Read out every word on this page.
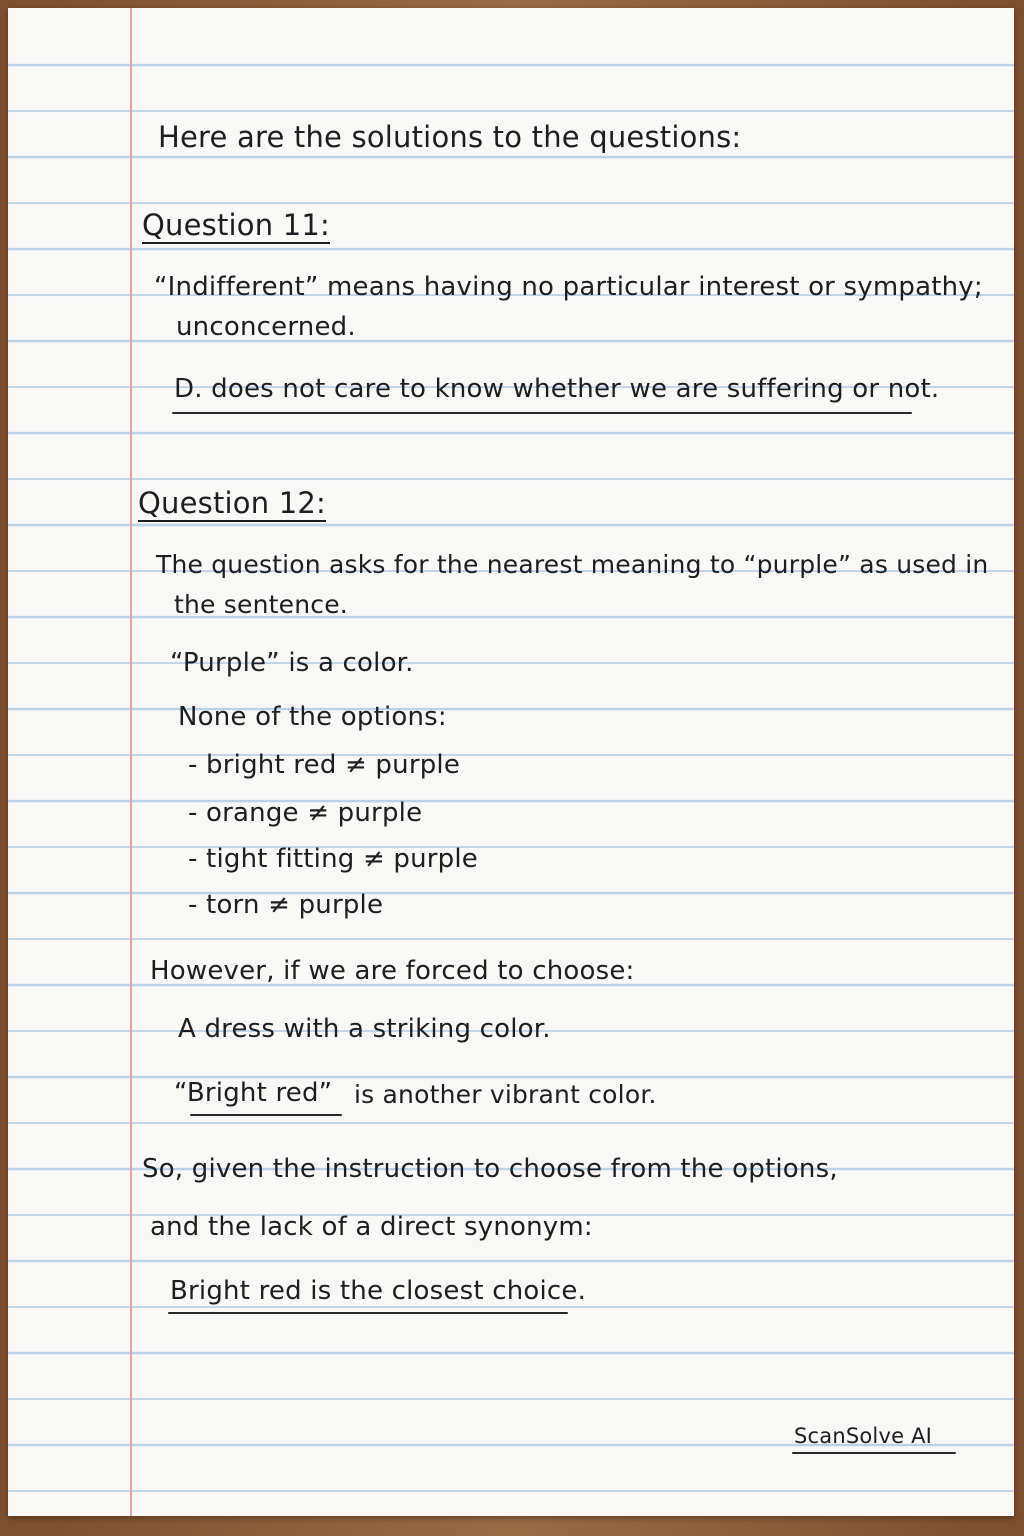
Here are the solutions to the questions:
Question 11:
“Indifferent” means having no particular interest or sympathy;
unconcerned.
D. does not care to know whether we are suffering or not.
Question 12:
The question asks for the nearest meaning to “purple” as used in
the sentence.
“Purple” is a color.
None of the options:
- bright red ≠ purple
- orange ≠ purple
- tight fitting ≠ purple
- torn ≠ purple
However, if we are forced to choose:
A dress with a striking color.
“Bright red” is another vibrant color.
So, given the instruction to choose from the options,
and the lack of a direct synonym:
Bright red is the closest choice.
ScanSolve AI
